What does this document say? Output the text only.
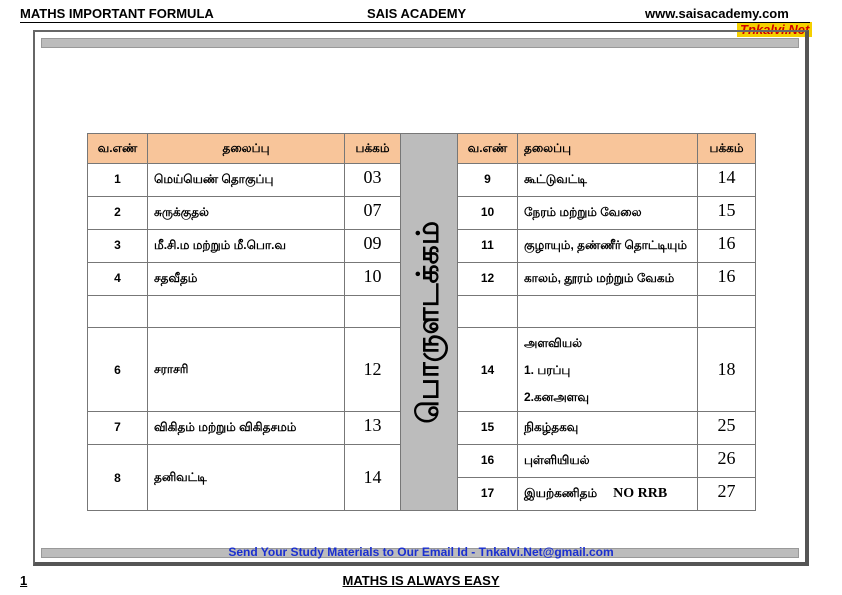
MATHS IMPORTANT FORMULA	SAIS ACADEMY	www.saisacademy.com
Tnkalvi.Net
வ.எண்	தலைப்பு	பக்கம்	பொருளடக்கம்	வ.எண்	தலைப்பு	பக்கம்
1	மெய்யெண் தொகுப்பு	03		9	கூட்டுவட்டி	14
2	சுருக்குதல்	07		10	நேரம் மற்றும் வேலை	15
3	மீ.சி.ம மற்றும் மீ.பொ.வ	09		11	குழாயும், தண்ணீர் தொட்டியும்	16
4	சதவீதம்	10		12	காலம், தூரம் மற்றும் வேகம்	16

6	சராசரி	12		14	அளவியல்
1. பரப்பு
2.கனஅளவு	18
7	விகிதம் மற்றும் விகிதசமம்	13		15	நிகழ்தகவு	25
8	தனிவட்டி	14		16	புள்ளியியல்	26
				17	இயற்கணிதம் NO RRB	27
Send Your Study Materials to Our Email Id - Tnkalvi.Net@gmail.com
1	MATHS IS ALWAYS EASY
